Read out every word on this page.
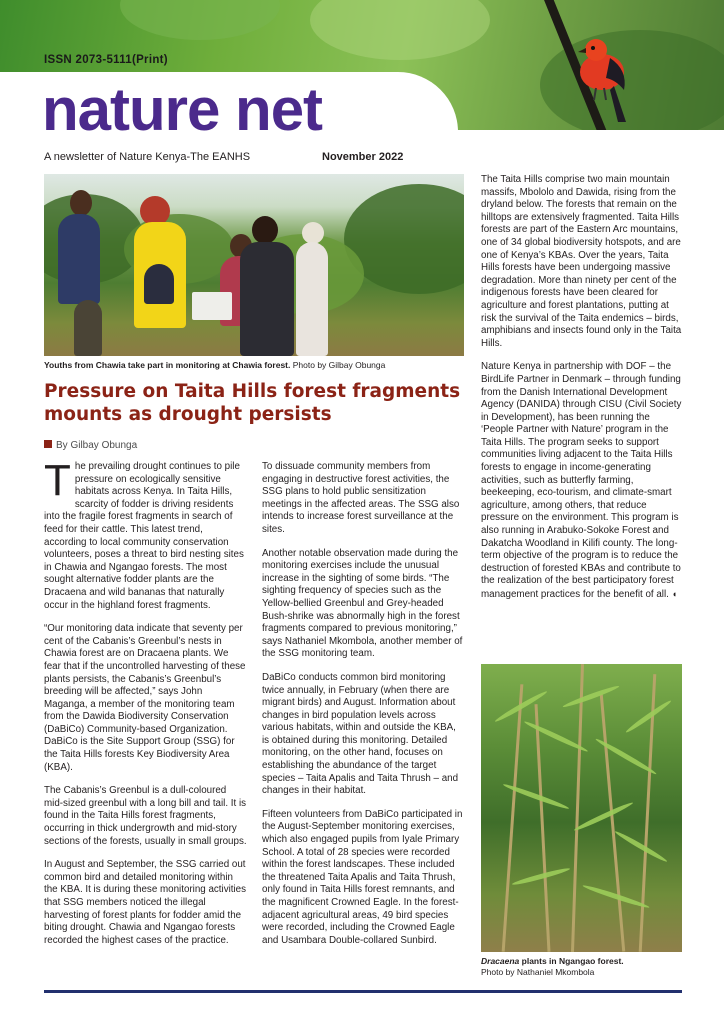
ISSN 2073-5111(Print)
nature net
A newsletter of Nature Kenya-The EANHS	November 2022
Youths from Chawia take part in monitoring at Chawia forest. Photo by Gilbay Obunga
Pressure on Taita Hills forest fragments mounts as drought persists
By Gilbay Obunga

The prevailing drought continues to pile pressure on ecologically sensitive habitats across Kenya. In Taita Hills, scarcity of fodder is driving residents into the fragile forest fragments in search of feed for their cattle. This latest trend, according to local community conservation volunteers, poses a threat to bird nesting sites in Chawia and Ngangao forests. The most sought alternative fodder plants are the Dracaena and wild bananas that naturally occur in the highland forest fragments.

“Our monitoring data indicate that seventy per cent of the Cabanis’s Greenbul’s nests in Chawia forest are on Dracaena plants. We fear that if the uncontrolled harvesting of these plants persists, the Cabanis’s Greenbul’s breeding will be affected,” says John Maganga, a member of the monitoring team from the Dawida Biodiversity Conservation (DaBiCo) Community-based Organization. DaBiCo is the Site Support Group (SSG) for the Taita Hills forests Key Biodiversity Area (KBA).

The Cabanis’s Greenbul is a dull-coloured mid-sized greenbul with a long bill and tail. It is found in the Taita Hills forest fragments, occurring in thick undergrowth and mid-story sections of the forests, usually in small groups.

In August and September, the SSG carried out common bird and detailed monitoring within the KBA. It is during these monitoring activities that SSG members noticed the illegal harvesting of forest plants for fodder amid the biting drought. Chawia and Ngangao forests recorded the highest cases of the practice.

To dissuade community members from engaging in destructive forest activities, the SSG plans to hold public sensitization meetings in the affected areas. The SSG also intends to increase forest surveillance at the sites.

Another notable observation made during the monitoring exercises include the unusual increase in the sighting of some birds. “The sighting frequency of species such as the Yellow-bellied Greenbul and Grey-headed Bush-shrike was abnormally high in the forest fragments compared to previous monitoring,” says Nathaniel Mkombola, another member of the SSG monitoring team.

DaBiCo conducts common bird monitoring twice annually, in February (when there are migrant birds) and August. Information about changes in bird population levels across various habitats, within and outside the KBA, is obtained during this monitoring. Detailed monitoring, on the other hand, focuses on establishing the abundance of the target species – Taita Apalis and Taita Thrush – and changes in their habitat.

Fifteen volunteers from DaBiCo participated in the August-September monitoring exercises, which also engaged pupils from Iyale Primary School. A total of 28 species were recorded within the forest landscapes. These included the threatened Taita Apalis and Taita Thrush, only found in Taita Hills forest remnants, and the magnificent Crowned Eagle. In the forest-adjacent agricultural areas, 49 bird species were recorded, including the Crowned Eagle and Usambara Double-collared Sunbird.

The Taita Hills comprise two main mountain massifs, Mbololo and Dawida, rising from the dryland below. The forests that remain on the hilltops are extensively fragmented. Taita Hills forests are part of the Eastern Arc mountains, one of 34 global biodiversity hotspots, and are one of Kenya’s KBAs. Over the years, Taita Hills forests have been undergoing massive degradation. More than ninety per cent of the indigenous forests have been cleared for agriculture and forest plantations, putting at risk the survival of the Taita endemics – birds, amphibians and insects found only in the Taita Hills.

Nature Kenya in partnership with DOF – the BirdLife Partner in Denmark – through funding from the Danish International Development Agency (DANIDA) through CISU (Civil Society in Development), has been running the ‘People Partner with Nature’ program in the Taita Hills. The program seeks to support communities living adjacent to the Taita Hills forests to engage in income-generating activities, such as butterfly farming, beekeeping, eco-tourism, and climate-smart agriculture, among others, that reduce pressure on the environment. This program is also running in Arabuko-Sokoke Forest and Dakatcha Woodland in Kilifi county. The long-term objective of the program is to reduce the destruction of forested KBAs and contribute to the realization of the best participatory forest management practices for the benefit of all. ◖

Dracaena plants in Ngangao forest.
Photo by Nathaniel Mkombola
